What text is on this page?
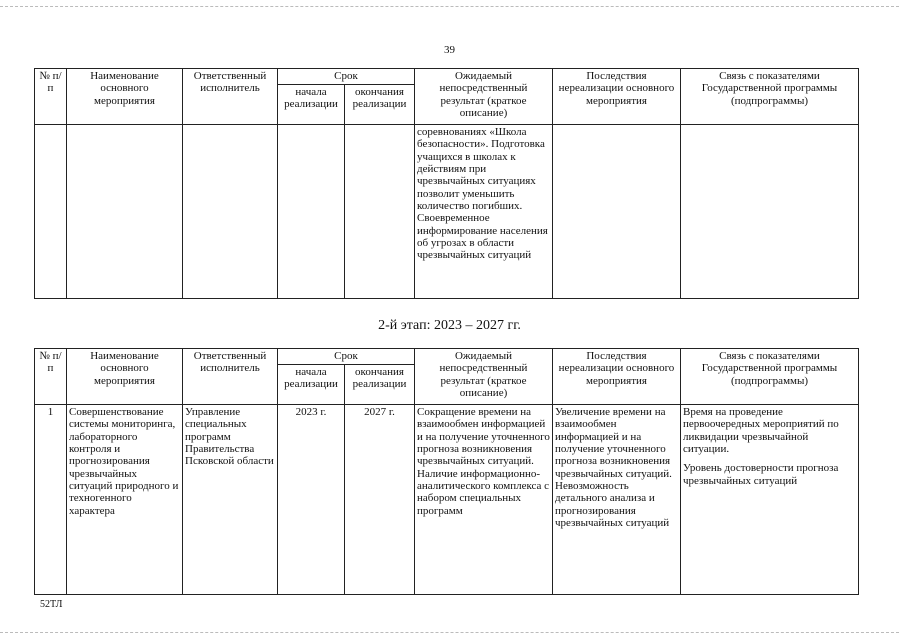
39
№ п/п	Наименование основного мероприятия	Ответственный исполнитель	Срок		Ожидаемый непосредственный результат (краткое описание)	Последствия нереализации основного мероприятия	Связь с показателями Государственной программы (подпрограммы)
			начала реализации	окончания реализации			
					соревнованиях «Школа безопасности». Подготовка учащихся в школах к действиям при чрезвычайных ситуациях позволит уменьшить количество погибших. Своевременное информирование населения об угрозах в области чрезвычайных ситуаций		
2-й этап: 2023 – 2027 гг.
№ п/п	Наименование основного мероприятия	Ответственный исполнитель	Срок		Ожидаемый непосредственный результат (краткое описание)	Последствия нереализации основного мероприятия	Связь с показателями Государственной программы (подпрограммы)
			начала реализации	окончания реализации			
1	Совершенствование системы мониторинга, лабораторного контроля и прогнозирования чрезвычайных ситуаций природного и техногенного характера	Управление специальных программ Правительства Псковской области	2023 г.	2027 г.	Сокращение времени на взаимообмен информацией и на получение уточненного прогноза возникновения чрезвычайных ситуаций. Наличие информационно-аналитического комплекса с набором специальных программ	Увеличение времени на взаимообмен информацией и на получение уточненного прогноза возникновения чрезвычайных ситуаций. Невозможность детального анализа и прогнозирования чрезвычайных ситуаций	Время на проведение первоочередных мероприятий по ликвидации чрезвычайной ситуации.

Уровень достоверности прогноза чрезвычайных ситуаций

52ТЛ
